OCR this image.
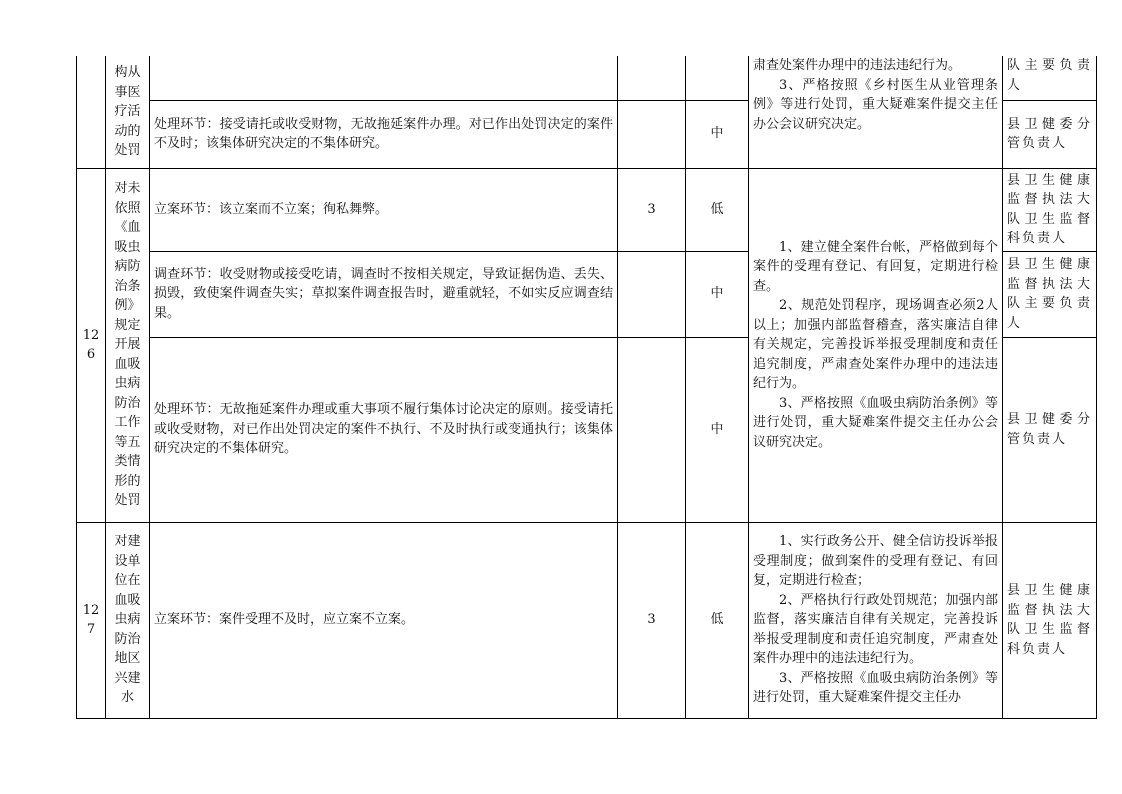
	构从事医疗活动的处罚				肃查处案件办理中的违法违纪行为。

3、严格按照《乡村医生从业管理条例》等进行处罚，重大疑难案件提交主任办公会议研究决定。	队主要负责人
		处理环节：接受请托或收受财物，无故拖延案件办理。对已作出处罚决定的案件不及时；该集体研究决定的不集体研究。		中		县卫健委分管负责人
126	对未依照《血吸虫病防治条例》规定开展血吸虫病防治工作等五类情形的处罚	立案环节：该立案而不立案；徇私舞弊。	3	低	1、建立健全案件台帐，严格做到每个案件的受理有登记、有回复，定期进行检查。

2、规范处罚程序，现场调查必须2人以上；加强内部监督稽查，落实廉洁自律有关规定，完善投诉举报受理制度和责任追究制度，严肃查处案件办理中的违法违纪行为。

3、严格按照《血吸虫病防治条例》等进行处罚，重大疑难案件提交主任办公会议研究决定。	县卫生健康监督执法大队卫生监督科负责人
		调查环节：收受财物或接受吃请，调查时不按相关规定，导致证据伪造、丢失、损毁，致使案件调查失实；草拟案件调查报告时，避重就轻，不如实反应调查结果。		中		县卫生健康监督执法大队主要负责人
		处理环节：无故拖延案件办理或重大事项不履行集体讨论决定的原则。接受请托或收受财物，对已作出处罚决定的案件不执行、不及时执行或变通执行；该集体研究决定的不集体研究。		中		县卫健委分管负责人
127	对建设单位在血吸虫病防治地区兴建水	立案环节：案件受理不及时，应立案不立案。	3	低	1、实行政务公开、健全信访投诉举报受理制度；做到案件的受理有登记、有回复，定期进行检查；

2、严格执行行政处罚规范；加强内部监督，落实廉洁自律有关规定，完善投诉举报受理制度和责任追究制度，严肃查处案件办理中的违法违纪行为。

3、严格按照《血吸虫病防治条例》等进行处罚，重大疑难案件提交主任办	县卫生健康监督执法大队卫生监督科负责人
